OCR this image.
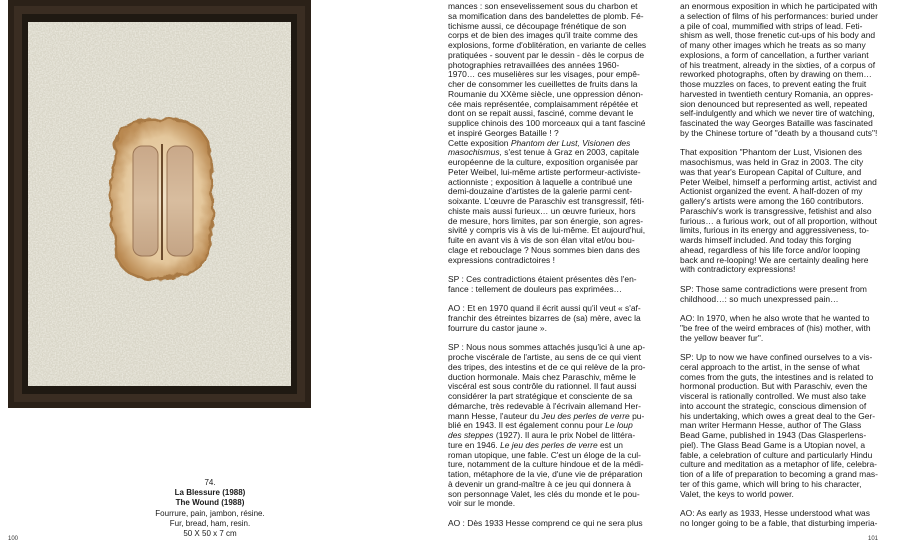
74.
La Blessure (1988)
The Wound (1988)
Fourrure, pain, jambon, résine.
Fur, bread, ham, resin.
50 X 50 x 7 cm
100	101

mances : son ensevelissement sous du charbon et
sa momification dans des bandelettes de plomb. Fé-
tichisme aussi, ce découpage frénétique de son
corps et de bien des images qu'il traite comme des
explosions, forme d'oblitération, en variante de celles
pratiquées - souvent par le dessin - dès le corpus de
photographies retravaillées des années 1960-
1970… ces muselières sur les visages, pour empê-
cher de consommer les cueillettes de fruits dans la
Roumanie du XXème siècle, une oppression dénon-
cée mais représentée, complaisamment répétée et
dont on se repait aussi, fasciné, comme devant le
supplice chinois des 100 morceaux qui a tant fasciné
et inspiré Georges Bataille ! ?
Cette exposition Phantom der Lust, Visionen des
masochismus, s'est tenue à Graz en 2003, capitale
européenne de la culture, exposition organisée par
Peter Weibel, lui-même artiste performeur-activiste-
actionniste ; exposition à laquelle a contribué une
demi-douzaine d'artistes de la galerie parmi cent-
soixante. L'œuvre de Paraschiv est transgressif, féti-
chiste mais aussi furieux… un œuvre furieux, hors
de mesure, hors limites, par son énergie, son agres-
sivité y compris vis à vis de lui-même. Et aujourd'hui,
fuite en avant vis à vis de son élan vital et/ou bou-
clage et rebouclage ? Nous sommes bien dans des
expressions contradictoires !

SP : Ces contradictions étaient présentes dès l'en-
fance : tellement de douleurs pas exprimées…

AO : Et en 1970 quand il écrit aussi qu'il veut « s'af-
franchir des étreintes bizarres de (sa) mère, avec la
fourrure du castor jaune ».

SP : Nous nous sommes attachés jusqu'ici à une ap-
proche viscérale de l'artiste, au sens de ce qui vient
des tripes, des intestins et de ce qui relève de la pro-
duction hormonale. Mais chez Paraschiv, même le
viscéral est sous contrôle du rationnel. Il faut aussi
considérer la part stratégique et consciente de sa
démarche, très redevable à l'écrivain allemand Her-
mann Hesse, l'auteur du Jeu des perles de verre pu-
blié en 1943. Il est également connu pour Le loup
des steppes (1927). Il aura le prix Nobel de littéra-
ture en 1946. Le jeu des perles de verre est un
roman utopique, une fable. C'est un éloge de la cul-
ture, notamment de la culture hindoue et de la médi-
tation, métaphore de la vie, d'une vie de préparation
à devenir un grand-maître à ce jeu qui donnera à
son personnage Valet, les clés du monde et le pou-
voir sur le monde.

AO : Dès 1933 Hesse comprend ce qui ne sera plus

an enormous exposition in which he participated with
a selection of films of his performances: buried under
a pile of coal, mummified with strips of lead. Feti-
shism as well, those frenetic cut-ups of his body and
of many other images which he treats as so many
explosions, a form of cancellation, a further variant
of his treatment, already in the sixties, of a corpus of
reworked photographs, often by drawing on them…
those muzzles on faces, to prevent eating the fruit
harvested in twentieth century Romania, an oppres-
sion denounced but represented as well, repeated
self-indulgently and which we never tire of watching,
fascinated the way Georges Bataille was fascinated
by the Chinese torture of "death by a thousand cuts"!

That exposition "Phantom der Lust, Visionen des
masochismus, was held in Graz in 2003. The city
was that year's European Capital of Culture, and
Peter Weibel, himself a performing artist, activist and
Actionist organized the event. A half-dozen of my
gallery's artists were among the 160 contributors.
Paraschiv's work is transgressive, fetishist and also
furious… a furious work, out of all proportion, without
limits, furious in its energy and aggressiveness, to-
wards himself included. And today this forging
ahead, regardless of his life force and/or looping
back and re-looping! We are certainly dealing here
with contradictory expressions!

SP: Those same contradictions were present from
childhood…: so much unexpressed pain…

AO: In 1970, when he also wrote that he wanted to
"be free of the weird embraces of (his) mother, with
the yellow beaver fur".

SP: Up to now we have confined ourselves to a vis-
ceral approach to the artist, in the sense of what
comes from the guts, the intestines and is related to
hormonal production. But with Paraschiv, even the
visceral is rationally controlled. We must also take
into account the strategic, conscious dimension of
his undertaking, which owes a great deal to the Ger-
man writer Hermann Hesse, author of The Glass
Bead Game, published in 1943 (Das Glasperlens-
piel). The Glass Bead Game is a Utopian novel, a
fable, a celebration of culture and particularly Hindu
culture and meditation as a metaphor of life, celebra-
tion of a life of preparation to becoming a grand mas-
ter of this game, which will bring to his character,
Valet, the keys to world power.

AO: As early as 1933, Hesse understood what was
no longer going to be a fable, that disturbing imperia-
